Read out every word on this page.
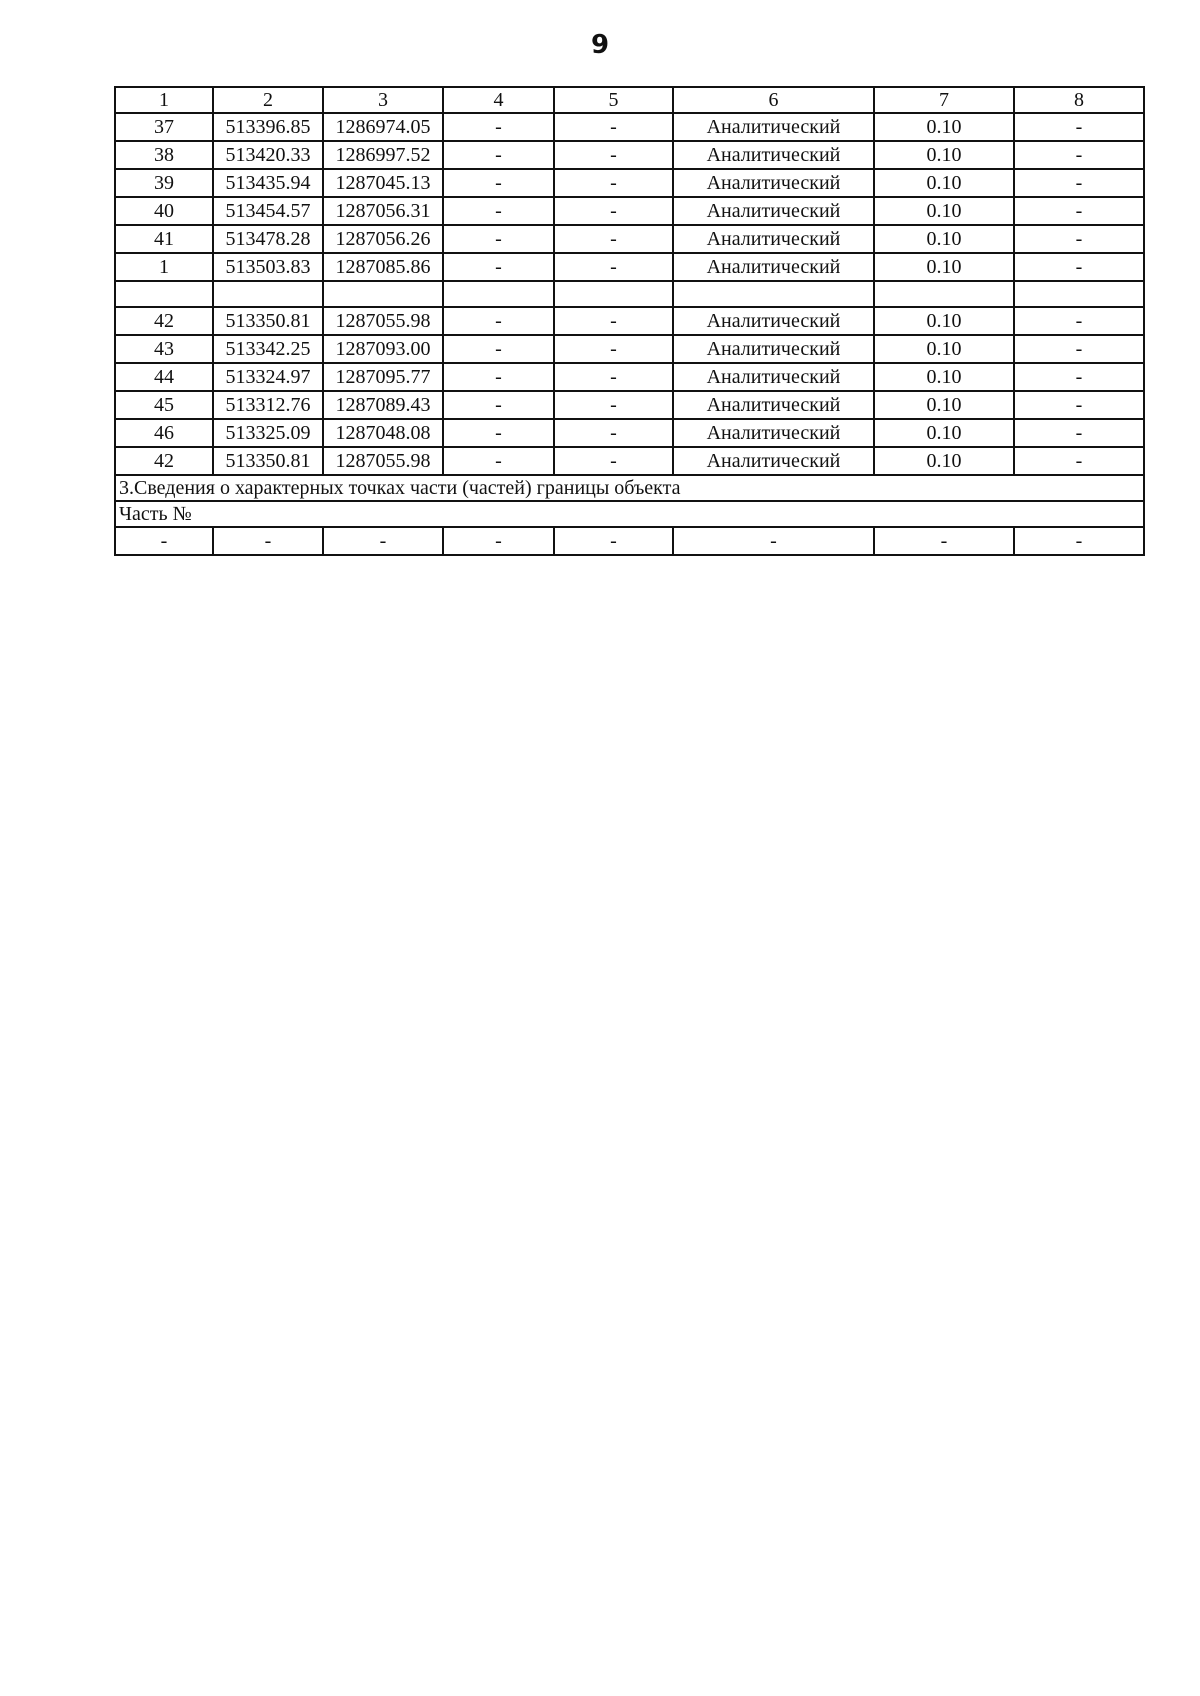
9
1	2	3	4	5	6	7	8
37	513396.85	1286974.05	-	-	Аналитический	0.10	-
38	513420.33	1286997.52	-	-	Аналитический	0.10	-
39	513435.94	1287045.13	-	-	Аналитический	0.10	-
40	513454.57	1287056.31	-	-	Аналитический	0.10	-
41	513478.28	1287056.26	-	-	Аналитический	0.10	-
1	513503.83	1287085.86	-	-	Аналитический	0.10	-

42	513350.81	1287055.98	-	-	Аналитический	0.10	-
43	513342.25	1287093.00	-	-	Аналитический	0.10	-
44	513324.97	1287095.77	-	-	Аналитический	0.10	-
45	513312.76	1287089.43	-	-	Аналитический	0.10	-
46	513325.09	1287048.08	-	-	Аналитический	0.10	-
42	513350.81	1287055.98	-	-	Аналитический	0.10	-
3.Сведения о характерных точках части (частей) границы объекта							
Часть №							
-	-	-	-	-	-	-	-
